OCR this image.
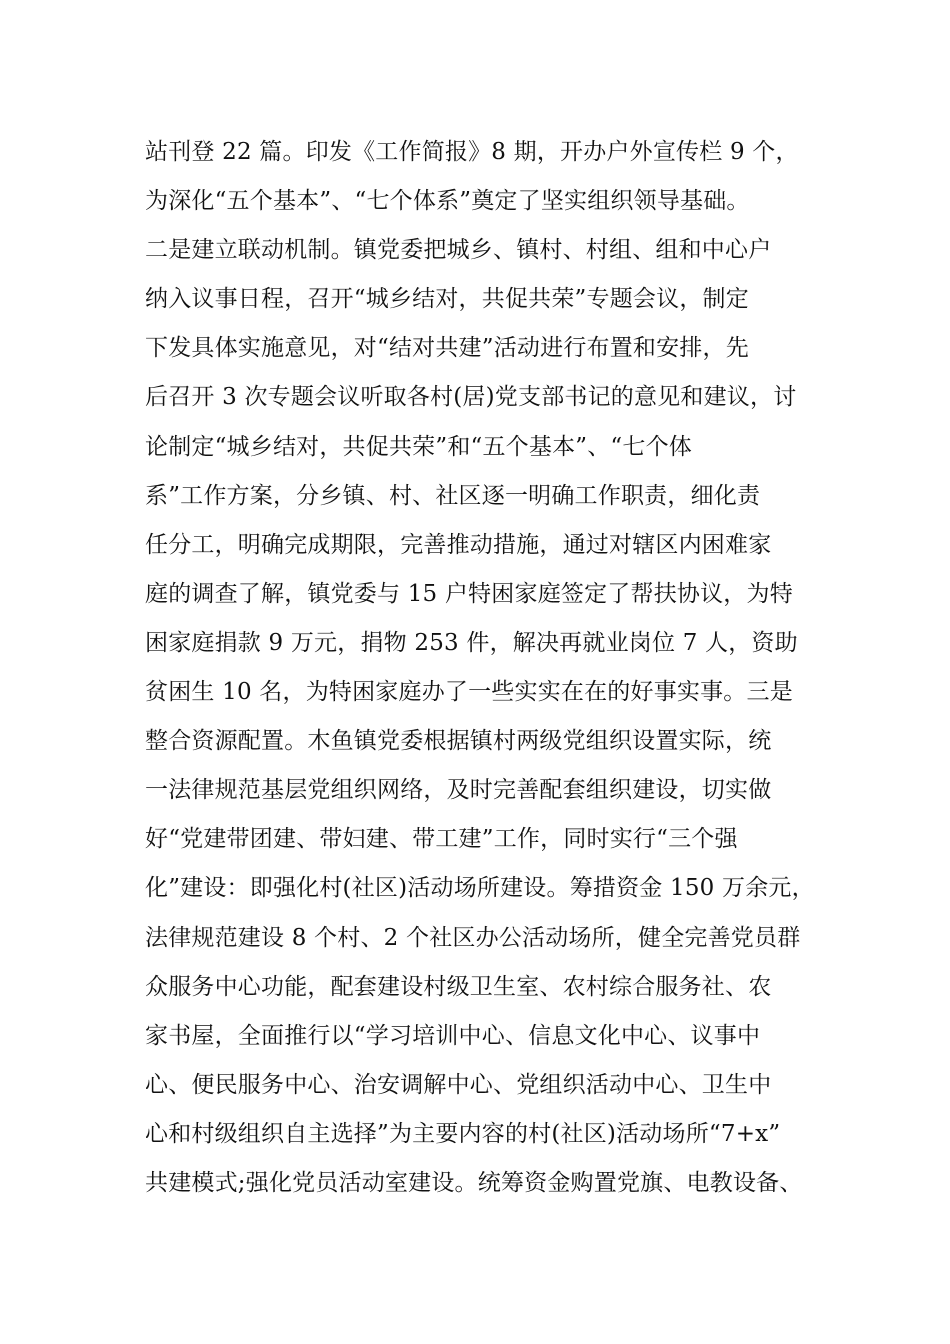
站刊登 22 篇。印发《工作简报》8 期，开办户外宣传栏 9 个，
为深化“五个基本”、“七个体系”奠定了坚实组织领导基础。
二是建立联动机制。镇党委把城乡、镇村、村组、组和中心户
纳入议事日程，召开“城乡结对，共促共荣”专题会议，制定
下发具体实施意见，对“结对共建”活动进行布置和安排，先
后召开 3 次专题会议听取各村(居)党支部书记的意见和建议，讨
论制定“城乡结对，共促共荣”和“五个基本”、“七个体
系”工作方案，分乡镇、村、社区逐一明确工作职责，细化责
任分工，明确完成期限，完善推动措施，通过对辖区内困难家
庭的调查了解，镇党委与 15 户特困家庭签定了帮扶协议，为特
困家庭捐款 9 万元，捐物 253 件，解决再就业岗位 7 人，资助
贫困生 10 名，为特困家庭办了一些实实在在的好事实事。三是
整合资源配置。木鱼镇党委根据镇村两级党组织设置实际，统
一法律规范基层党组织网络，及时完善配套组织建设，切实做
好“党建带团建、带妇建、带工建”工作，同时实行“三个强
化”建设：即强化村(社区)活动场所建设。筹措资金 150 万余元，
法律规范建设 8 个村、2 个社区办公活动场所，健全完善党员群
众服务中心功能，配套建设村级卫生室、农村综合服务社、农
家书屋，全面推行以“学习培训中心、信息文化中心、议事中
心、便民服务中心、治安调解中心、党组织活动中心、卫生中
心和村级组织自主选择”为主要内容的村(社区)活动场所“7+x”
共建模式;强化党员活动室建设。统筹资金购置党旗、电教设备、
